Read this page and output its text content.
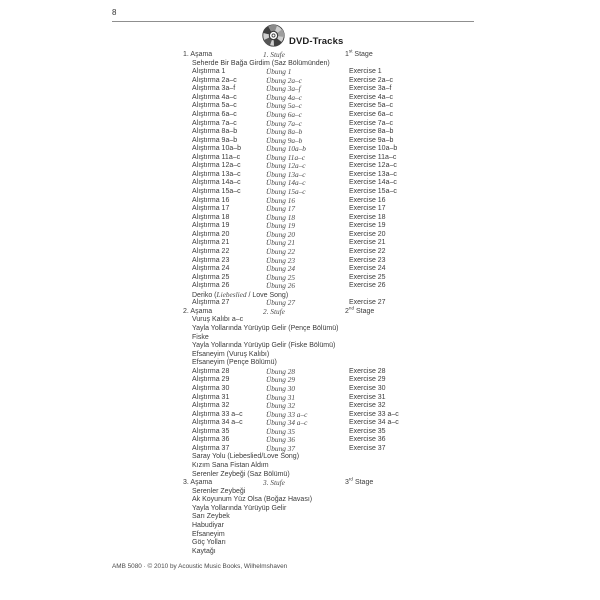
8
DVD-Tracks
1. Aşama	1. Stufe	1st Stage
Seherde Bir Bağa Girdim (Saz Bölümünden)
Alıştırma 1	Übung 1	Exercise 1
Alıştırma 2a–c	Übung 2a–c	Exercise 2a–c
Alıştırma 3a–f	Übung 3a–f	Exercise 3a–f
Alıştırma 4a–c	Übung 4a–c	Exercise 4a–c
Alıştırma 5a–c	Übung 5a–c	Exercise 5a–c
Alıştırma 6a–c	Übung 6a–c	Exercise 6a–c
Alıştırma 7a–c	Übung 7a–c	Exercise 7a–c
Alıştırma 8a–b	Übung 8a–b	Exercise 8a–b
Alıştırma 9a–b	Übung 9a–b	Exercise 9a–b
Alıştırma 10a–b	Übung 10a–b	Exercise 10a–b
Alıştırma 11a–c	Übung 11a–c	Exercise 11a–c
Alıştırma 12a–c	Übung 12a–c	Exercise 12a–c
Alıştırma 13a–c	Übung 13a–c	Exercise 13a–c
Alıştırma 14a–c	Übung 14a–c	Exercise 14a–c
Alıştırma 15a–c	Übung 15a–c	Exercise 15a–c
Alıştırma 16	Übung 16	Exercise 16
Alıştırma 17	Übung 17	Exercise 17
Alıştırma 18	Übung 18	Exercise 18
Alıştırma 19	Übung 19	Exercise 19
Alıştırma 20	Übung 20	Exercise 20
Alıştırma 21	Übung 21	Exercise 21
Alıştırma 22	Übung 22	Exercise 22
Alıştırma 23	Übung 23	Exercise 23
Alıştırma 24	Übung 24	Exercise 24
Alıştırma 25	Übung 25	Exercise 25
Alıştırma 26	Übung 26	Exercise 26
Deriko (Liebeslied / Love Song)
Alıştırma 27	Übung 27	Exercise 27
2. Aşama	2. Stufe	2nd Stage
Vuruş Kalıbı a–c
Yayla Yollarında Yürüyüp Gelir (Pençe Bölümü)
Fiske
Yayla Yollarında Yürüyüp Gelir (Fiske Bölümü)
Efsaneyim (Vuruş Kalıbı)
Efsaneyim (Pençe Bölümü)
Alıştırma 28	Übung 28	Exercise 28
Alıştırma 29	Übung 29	Exercise 29
Alıştırma 30	Übung 30	Exercise 30
Alıştırma 31	Übung 31	Exercise 31
Alıştırma 32	Übung 32	Exercise 32
Alıştırma 33 a–c	Übung 33 a–c	Exercise 33 a–c
Alıştırma 34 a–c	Übung 34 a–c	Exercise 34 a–c
Alıştırma 35	Übung 35	Exercise 35
Alıştırma 36	Übung 36	Exercise 36
Alıştırma 37	Übung 37	Exercise 37
Saray Yolu (Liebeslied/Love Song)
Kızım Sana Fistan Aldım
Serenler Zeybeği (Saz Bölümü)
3. Aşama	3. Stufe	3rd Stage
Serenler Zeybeği
Ak Koyunum Yüz Olsa (Boğaz Havası)
Yayla Yollarında Yürüyüp Gelir
Sarı Zeybek
Habudiyar
Efsaneyim
Göç Yolları
Kaytağı
AMB 5080 · © 2010 by Acoustic Music Books, Wilhelmshaven
